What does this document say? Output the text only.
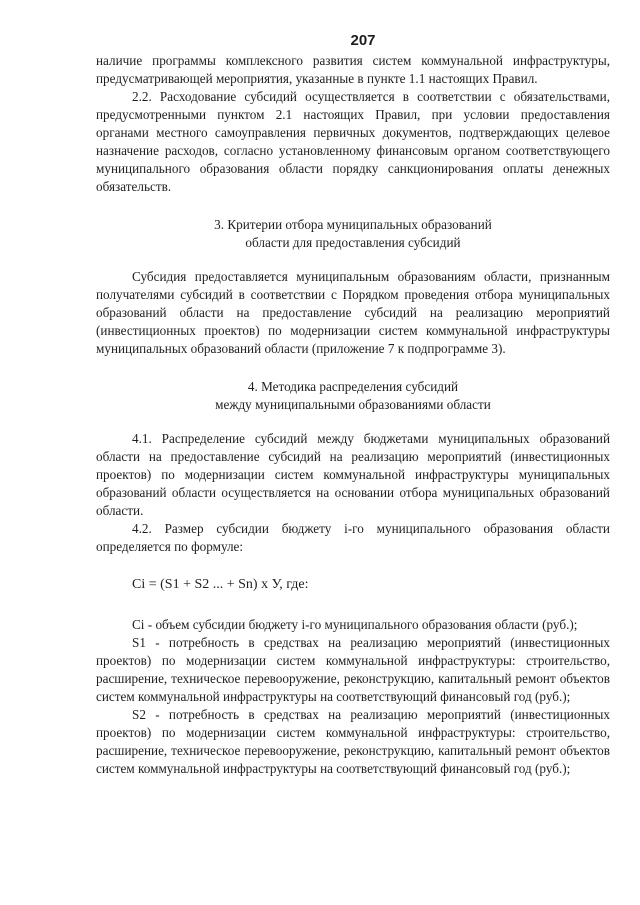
207

наличие программы комплексного развития систем коммунальной инфраструктуры, предусматривающей мероприятия, указанные в пункте 1.1 настоящих Правил.

2.2. Расходование субсидий осуществляется в соответствии с обязательствами, предусмотренными пунктом 2.1 настоящих Правил, при условии предоставления органами местного самоуправления первичных документов, подтверждающих целевое назначение расходов, согласно установленному финансовым органом соответствующего муниципального образования области порядку санкционирования оплаты денежных обязательств.

3. Критерии отбора муниципальных образований
области для предоставления субсидий

Субсидия предоставляется муниципальным образованиям области, признанным получателями субсидий в соответствии с Порядком проведения отбора муниципальных образований области на предоставление субсидий на реализацию мероприятий (инвестиционных проектов) по модернизации систем коммунальной инфраструктуры муниципальных образований области (приложение 7 к подпрограмме 3).

4. Методика распределения субсидий
между муниципальными образованиями области

4.1. Распределение субсидий между бюджетами муниципальных образований области на предоставление субсидий на реализацию мероприятий (инвестиционных проектов) по модернизации систем коммунальной инфраструктуры муниципальных образований области осуществляется на основании отбора муниципальных образований области.

4.2. Размер субсидии бюджету i-го муниципального образования области определяется по формуле:

Ci = (S1 + S2 ... + Sn) х У, где:

Ci - объем субсидии бюджету i-го муниципального образования области (руб.);

S1 - потребность в средствах на реализацию мероприятий (инвестиционных проектов) по модернизации систем коммунальной инфраструктуры: строительство, расширение, техническое перевооружение, реконструкцию, капитальный ремонт объектов систем коммунальной инфраструктуры на соответствующий финансовый год (руб.);

S2 - потребность в средствах на реализацию мероприятий (инвестиционных проектов) по модернизации систем коммунальной инфраструктуры: строительство, расширение, техническое перевооружение, реконструкцию, капитальный ремонт объектов систем коммунальной инфраструктуры на соответствующий финансовый год (руб.);
